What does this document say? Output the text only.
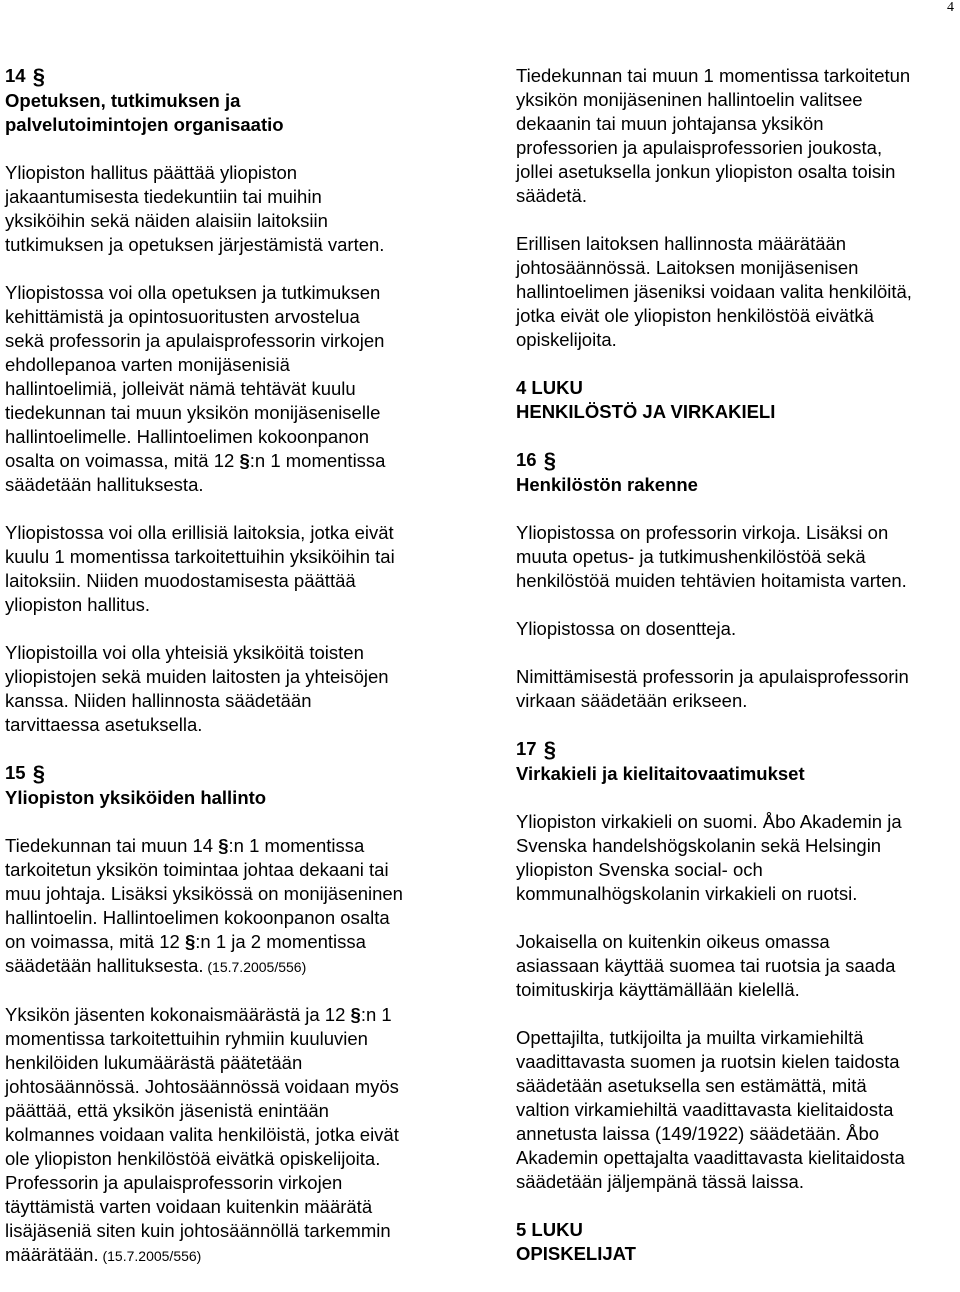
4
14 §
Opetuksen, tutkimuksen ja
palvelutoimintojen organisaatio
Yliopiston hallitus päättää yliopiston
jakaantumisesta tiedekuntiin tai muihin
yksiköihin sekä näiden alaisiin laitoksiin
tutkimuksen ja opetuksen järjestämistä varten.
Yliopistossa voi olla opetuksen ja tutkimuksen
kehittämistä ja opintosuoritusten arvostelua
sekä professorin ja apulaisprofessorin virkojen
ehdollepanoa varten monijäsenisiä
hallintoelimiä, jolleivät nämä tehtävät kuulu
tiedekunnan tai muun yksikön monijäseniselle
hallintoelimelle. Hallintoelimen kokoonpanon
osalta on voimassa, mitä 12 §:n 1 momentissa
säädetään hallituksesta.
Yliopistossa voi olla erillisiä laitoksia, jotka eivät
kuulu 1 momentissa tarkoitettuihin yksiköihin tai
laitoksiin. Niiden muodostamisesta päättää
yliopiston hallitus.
Yliopistoilla voi olla yhteisiä yksiköitä toisten
yliopistojen sekä muiden laitosten ja yhteisöjen
kanssa. Niiden hallinnosta säädetään
tarvittaessa asetuksella.
15 §
Yliopiston yksiköiden hallinto
Tiedekunnan tai muun 14 §:n 1 momentissa
tarkoitetun yksikön toimintaa johtaa dekaani tai
muu johtaja. Lisäksi yksikössä on monijäseninen
hallintoelin. Hallintoelimen kokoonpanon osalta
on voimassa, mitä 12 §:n 1 ja 2 momentissa
säädetään hallituksesta. (15.7.2005/556)
Yksikön jäsenten kokonaismäärästä ja 12 §:n 1
momentissa tarkoitettuihin ryhmiin kuuluvien
henkilöiden lukumäärästä päätetään
johtosäännössä. Johtosäännössä voidaan myös
päättää, että yksikön jäsenistä enintään
kolmannes voidaan valita henkilöistä, jotka eivät
ole yliopiston henkilöstöä eivätkä opiskelijoita.
Professorin ja apulaisprofessorin virkojen
täyttämistä varten voidaan kuitenkin määrätä
lisäjäseniä siten kuin johtosäännöllä tarkemmin
määrätään. (15.7.2005/556)
Tiedekunnan tai muun 1 momentissa tarkoitetun
yksikön monijäseninen hallintoelin valitsee
dekaanin tai muun johtajansa yksikön
professorien ja apulaisprofessorien joukosta,
jollei asetuksella jonkun yliopiston osalta toisin
säädetä.
Erillisen laitoksen hallinnosta määrätään
johtosäännössä. Laitoksen monijäsenisen
hallintoelimen jäseniksi voidaan valita henkilöitä,
jotka eivät ole yliopiston henkilöstöä eivätkä
opiskelijoita.
4 LUKU
HENKILÖSTÖ JA VIRKAKIELI
16 §
Henkilöstön rakenne
Yliopistossa on professorin virkoja. Lisäksi on
muuta opetus- ja tutkimushenkilöstöä sekä
henkilöstöä muiden tehtävien hoitamista varten.
Yliopistossa on dosentteja.
Nimittämisestä professorin ja apulaisprofessorin
virkaan säädetään erikseen.
17 §
Virkakieli ja kielitaitovaatimukset
Yliopiston virkakieli on suomi. Åbo Akademin ja
Svenska handelshögskolanin sekä Helsingin
yliopiston Svenska social- och
kommunalhögskolanin virkakieli on ruotsi.
Jokaisella on kuitenkin oikeus omassa
asiassaan käyttää suomea tai ruotsia ja saada
toimituskirja käyttämällään kielellä.
Opettajilta, tutkijoilta ja muilta virkamiehiltä
vaadittavasta suomen ja ruotsin kielen taidosta
säädetään asetuksella sen estämättä, mitä
valtion virkamiehiltä vaadittavasta kielitaidosta
annetusta laissa (149/1922) säädetään. Åbo
Akademin opettajalta vaadittavasta kielitaidosta
säädetään jäljempänä tässä laissa.
5 LUKU
OPISKELIJAT
